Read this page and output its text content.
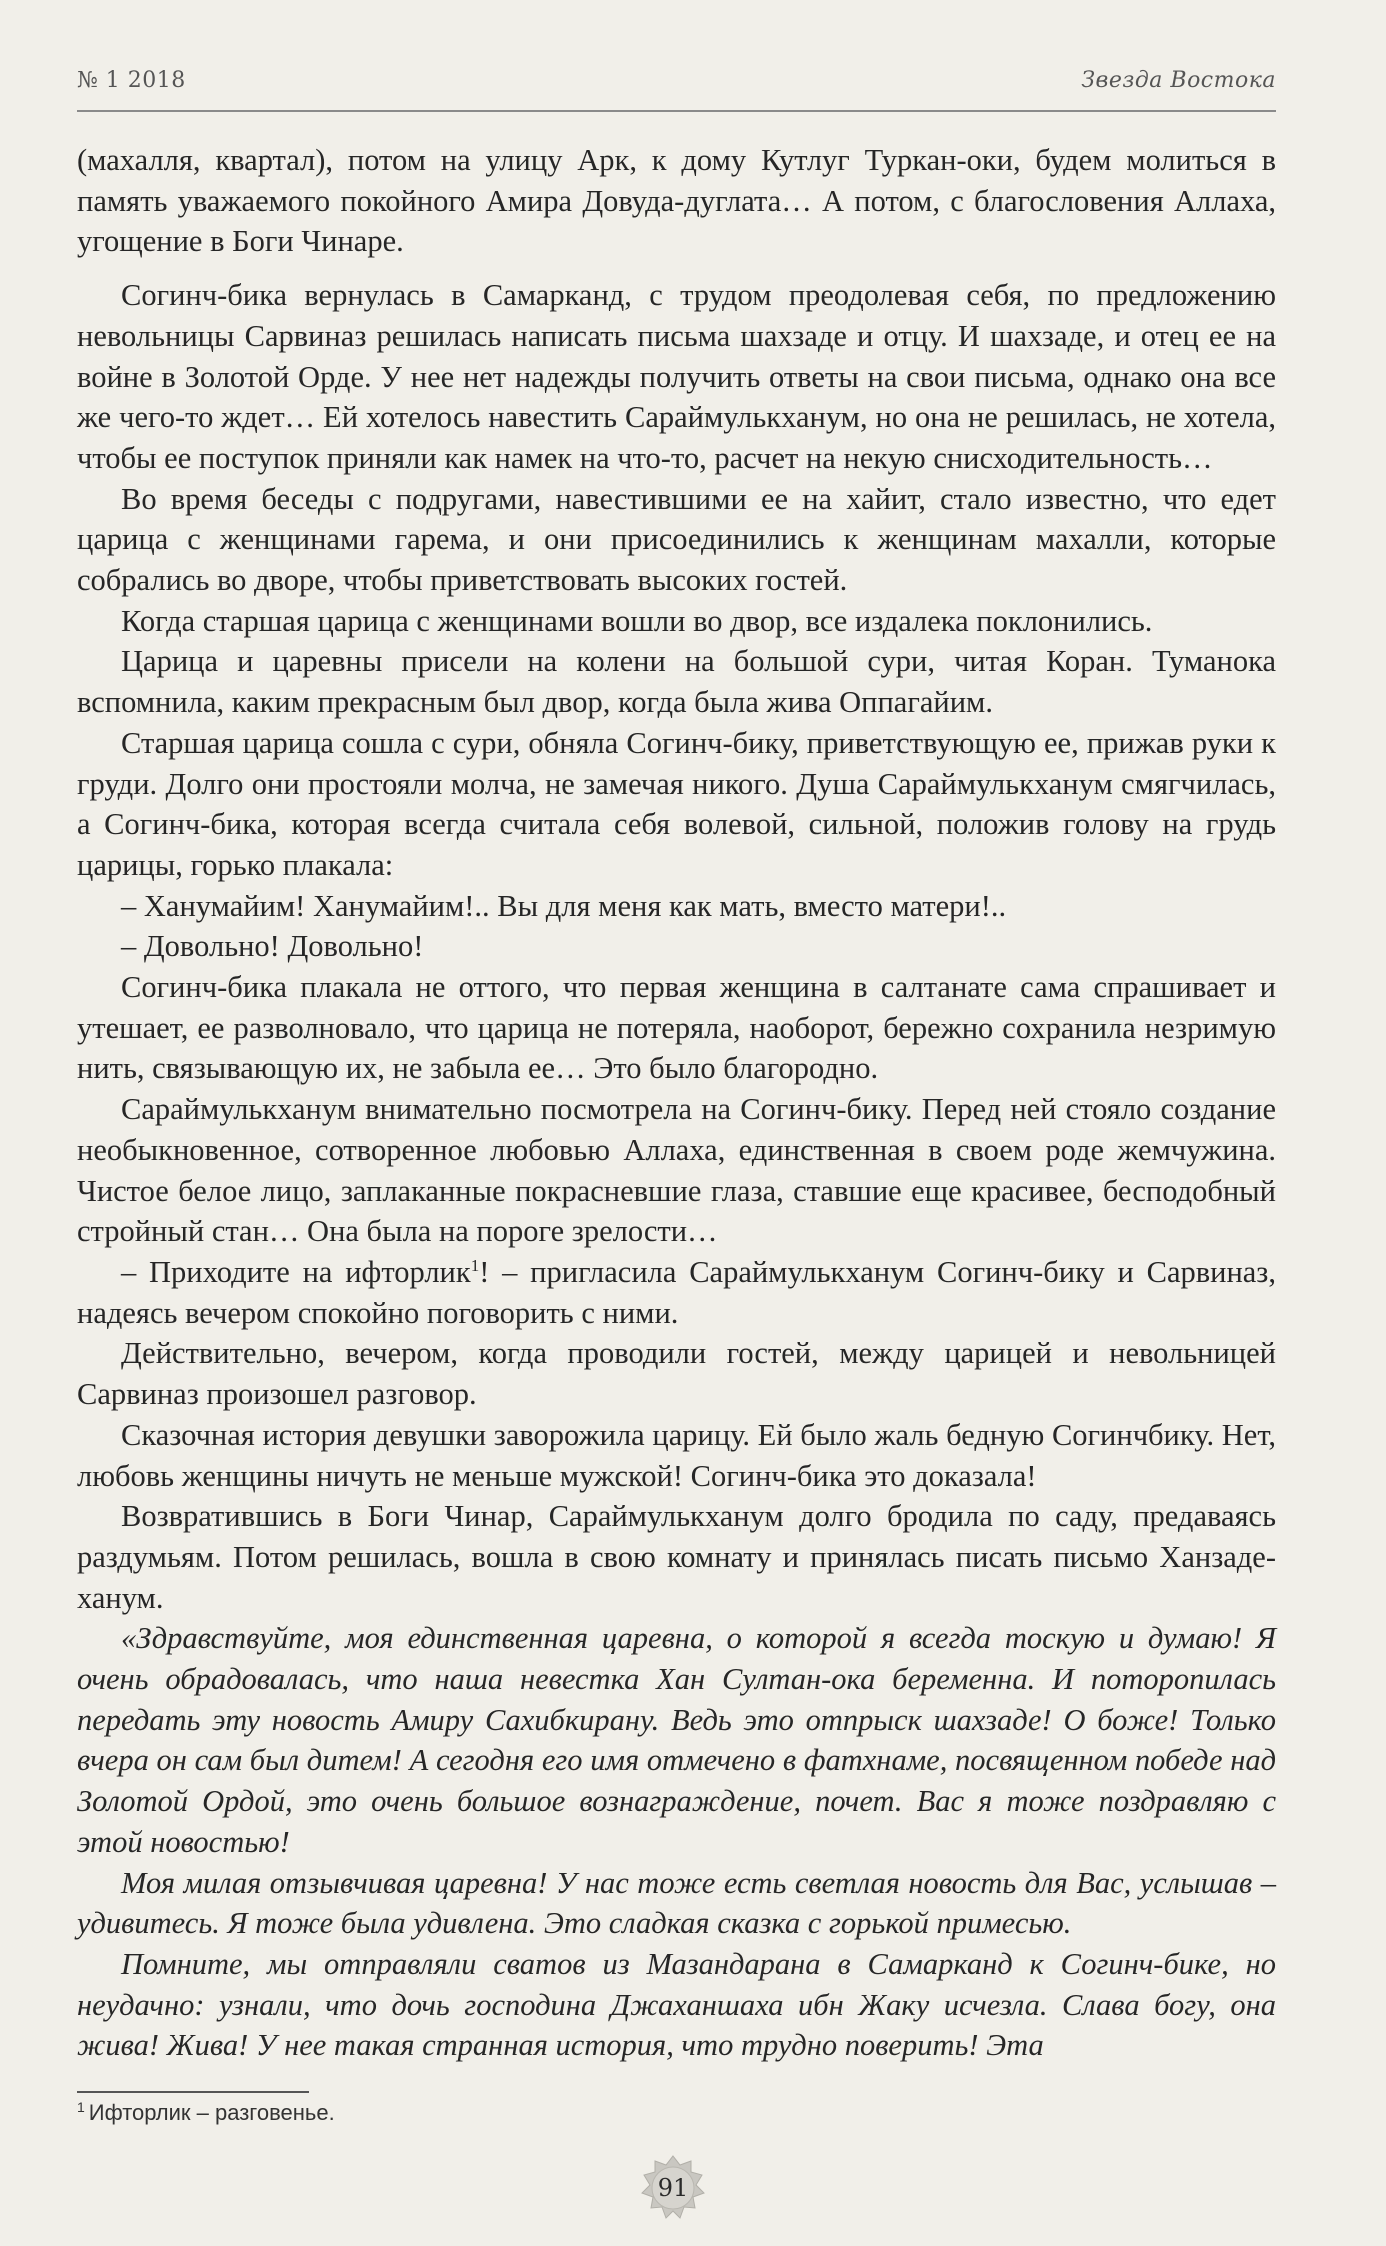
№ 1 2018	Звезда Востока

(махалля, квартал), потом на улицу Арк, к дому Кутлуг Туркан-оки, будем молиться в память уважаемого покойного Амира Довуда-дуглата… А потом, с благословения Аллаха, угощение в Боги Чинаре.

Согинч-бика вернулась в Самарканд, с трудом преодолевая себя, по предложению невольницы Сарвиназ решилась написать письма шахзаде и отцу. И шахзаде, и отец ее на войне в Золотой Орде. У нее нет надежды получить ответы на свои письма, однако она все же чего-то ждет… Ей хотелось навестить Сараймулькханум, но она не решилась, не хотела, чтобы ее поступок приняли как намек на что-то, расчет на некую снисходительность…

Во время беседы с подругами, навестившими ее на хайит, стало известно, что едет царица с женщинами гарема, и они присоединились к женщинам махалли, которые собрались во дворе, чтобы приветствовать высоких гостей.

Когда старшая царица с женщинами вошли во двор, все издалека поклонились.

Царица и царевны присели на колени на большой сури, читая Коран. Туманока вспомнила, каким прекрасным был двор, когда была жива Оппагайим.

Старшая царица сошла с сури, обняла Согинч-бику, приветствующую ее, прижав руки к груди. Долго они простояли молча, не замечая никого. Душа Сараймулькханум смягчилась, а Согинч-бика, которая всегда считала себя волевой, сильной, положив голову на грудь царицы, горько плакала:

– Ханумайим! Ханумайим!.. Вы для меня как мать, вместо матери!..

– Довольно! Довольно!

Согинч-бика плакала не оттого, что первая женщина в салтанате сама спрашивает и утешает, ее разволновало, что царица не потеряла, наоборот, бережно сохранила незримую нить, связывающую их, не забыла ее… Это было благородно.

Сараймулькханум внимательно посмотрела на Согинч-бику. Перед ней стояло создание необыкновенное, сотворенное любовью Аллаха, единственная в своем роде жемчужина. Чистое белое лицо, заплаканные покрасневшие глаза, ставшие еще красивее, бесподобный стройный стан… Она была на пороге зрелости…

– Приходите на ифторлик$^1$! – пригласила Сараймулькханум Согинч-бику и Сарвиназ, надеясь вечером спокойно поговорить с ними.

Действительно, вечером, когда проводили гостей, между царицей и невольницей Сарвиназ произошел разговор.

Сказочная история девушки заворожила царицу. Ей было жаль бедную Согинчбику. Нет, любовь женщины ничуть не меньше мужской! Согинч-бика это доказала!

Возвратившись в Боги Чинар, Сараймулькханум долго бродила по саду, предаваясь раздумьям. Потом решилась, вошла в свою комнату и принялась писать письмо Ханзаде-ханум.

«Здравствуйте, моя единственная царевна, о которой я всегда тоскую и думаю! Я очень обрадовалась, что наша невестка Хан Султан-ока беременна. И поторопилась передать эту новость Амиру Сахибкирану. Ведь это отпрыск шахзаде! О боже! Только вчера он сам был дитем! А сегодня его имя отмечено в фатхнаме, посвященном победе над Золотой Ордой, это очень большое вознаграждение, почет. Вас я тоже поздравляю с этой новостью!

Моя милая отзывчивая царевна! У нас тоже есть светлая новость для Вас, услышав – удивитесь. Я тоже была удивлена. Это сладкая сказка с горькой примесью.

Помните, мы отправляли сватов из Мазандарана в Самарканд к Согинч-бике, но неудачно: узнали, что дочь господина Джаханшаха ибн Жаку исчезла. Слава богу, она жива! Жива! У нее такая странная история, что трудно поверить! Эта

$^1$ Ифторлик – разговенье.
91
